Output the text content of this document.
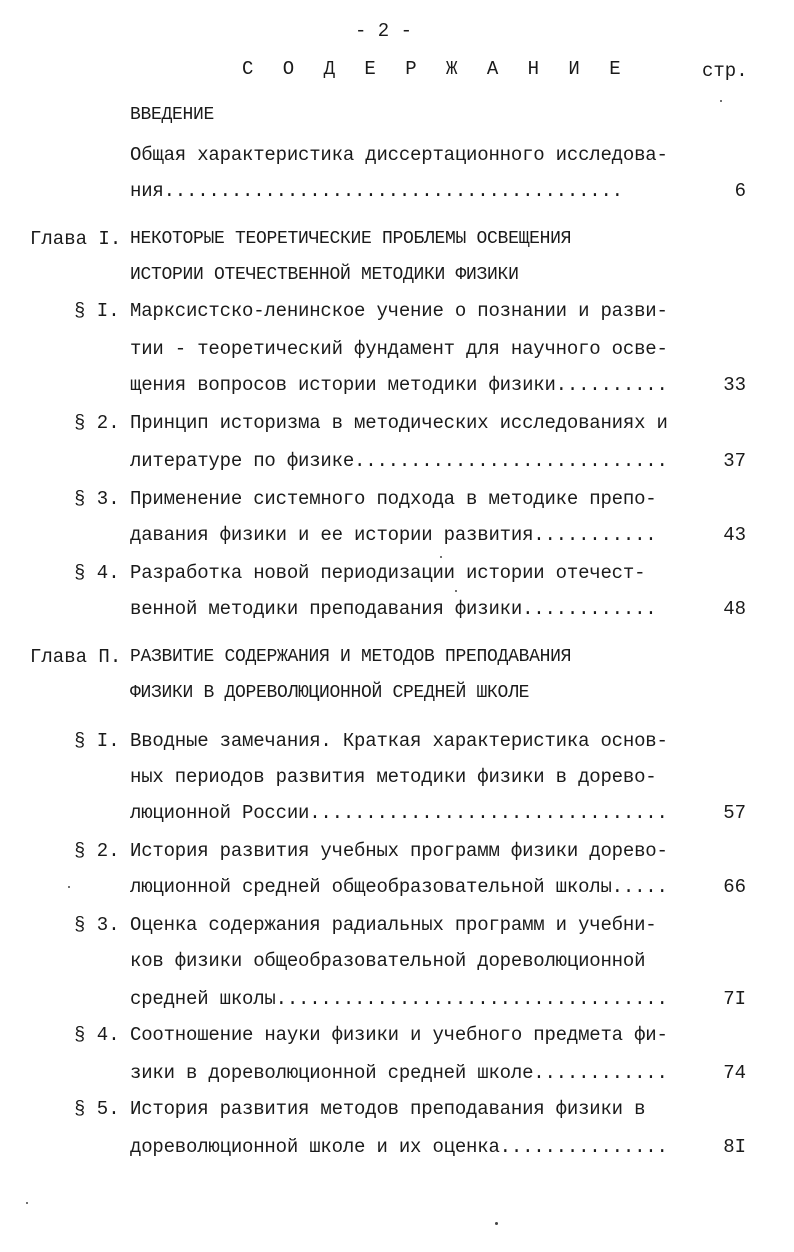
- 2 -
С О Д Е Р Ж А Н И Е	стр.
ВВЕДЕНИЕ
Общая характеристика диссертационного исследова-
ния.........................................	6
Глава I. НЕКОТОРЫЕ ТЕОРЕТИЧЕСКИЕ ПРОБЛЕМЫ ОСВЕЩЕНИЯ
ИСТОРИИ ОТЕЧЕСТВЕННОЙ МЕТОДИКИ ФИЗИКИ
§ I. Марксистско-ленинское учение о познании и разви-
тии - теоретический фундамент для научного осве-
щения вопросов истории методики физики..........	33
§ 2. Принцип историзма в методических исследованиях и
литературе по физике............................	37
§ 3. Применение системного подхода в методике препо-
давания физики и ее истории развития...........	43
§ 4. Разработка новой периодизации истории отечест-
венной методики преподавания физики............	48
Глава П. РАЗВИТИЕ СОДЕРЖАНИЯ И МЕТОДОВ ПРЕПОДАВАНИЯ
ФИЗИКИ В ДОРЕВОЛЮЦИОННОЙ СРЕДНЕЙ ШКОЛЕ
§ I. Вводные замечания. Краткая характеристика основ-
ных периодов развития методики физики в дорево-
люционной России................................	57
§ 2. История развития учебных программ физики дорево-
люционной средней общеобразовательной школы.....	66
§ 3. Оценка содержания радиальных программ и учебни-
ков физики общеобразовательной дореволюционной
средней школы...................................	7I
§ 4. Соотношение науки физики и учебного предмета фи-
зики в дореволюционной средней школе............	74
§ 5. История развития методов преподавания физики в
дореволюционной школе и их оценка...............	8I
